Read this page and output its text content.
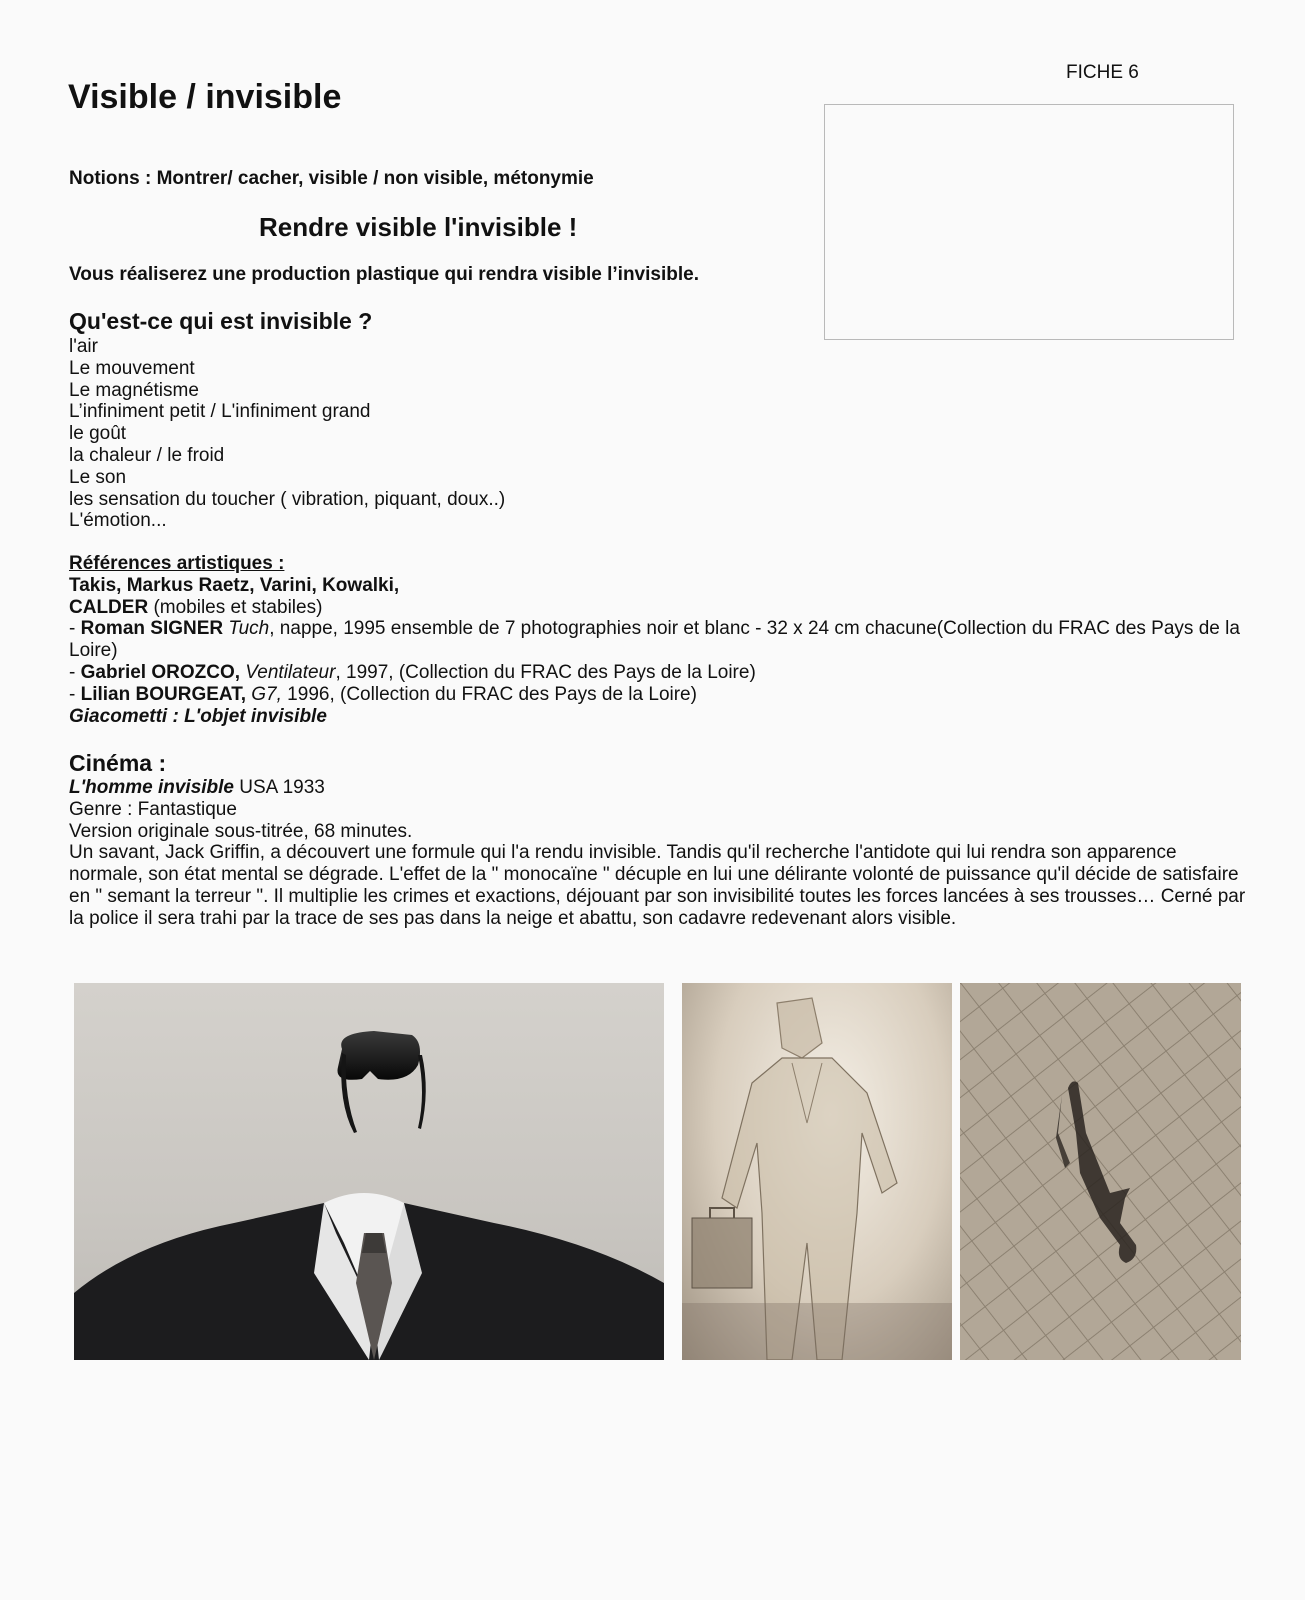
FICHE 6
Visible / invisible
Notions : Montrer/ cacher, visible / non visible, métonymie
Rendre visible l'invisible !
Vous réaliserez une production plastique qui rendra visible l’invisible.
Qu'est-ce qui est invisible ?
l'air
Le mouvement
Le magnétisme
L’infiniment petit / L'infiniment grand
le goût
la chaleur / le froid
Le son
les sensation du toucher ( vibration, piquant, doux..)
L'émotion...
Références artistiques :
Takis, Markus Raetz, Varini, Kowalki,
CALDER (mobiles et stabiles)
- Roman SIGNER Tuch, nappe, 1995 ensemble de 7 photographies noir et blanc - 32 x 24 cm chacune(Collection du FRAC des Pays de la Loire)
- Gabriel OROZCO, Ventilateur, 1997, (Collection du FRAC des Pays de la Loire)
- Lilian BOURGEAT, G7, 1996, (Collection du FRAC des Pays de la Loire)
Giacometti : L'objet invisible
Cinéma :
L'homme invisible USA 1933
Genre : Fantastique
Version originale sous-titrée, 68 minutes.
Un savant, Jack Griffin, a découvert une formule qui l'a rendu invisible. Tandis qu'il recherche l'antidote qui lui rendra son apparence normale, son état mental se dégrade. L'effet de la " monocaïne " décuple en lui une délirante volonté de puissance qu'il décide de satisfaire en " semant la terreur ". Il multiplie les crimes et exactions, déjouant par son invisibilité toutes les forces lancées à ses trousses… Cerné par la police il sera trahi par la trace de ses pas dans la neige et abattu, son cadavre redevenant alors visible.
